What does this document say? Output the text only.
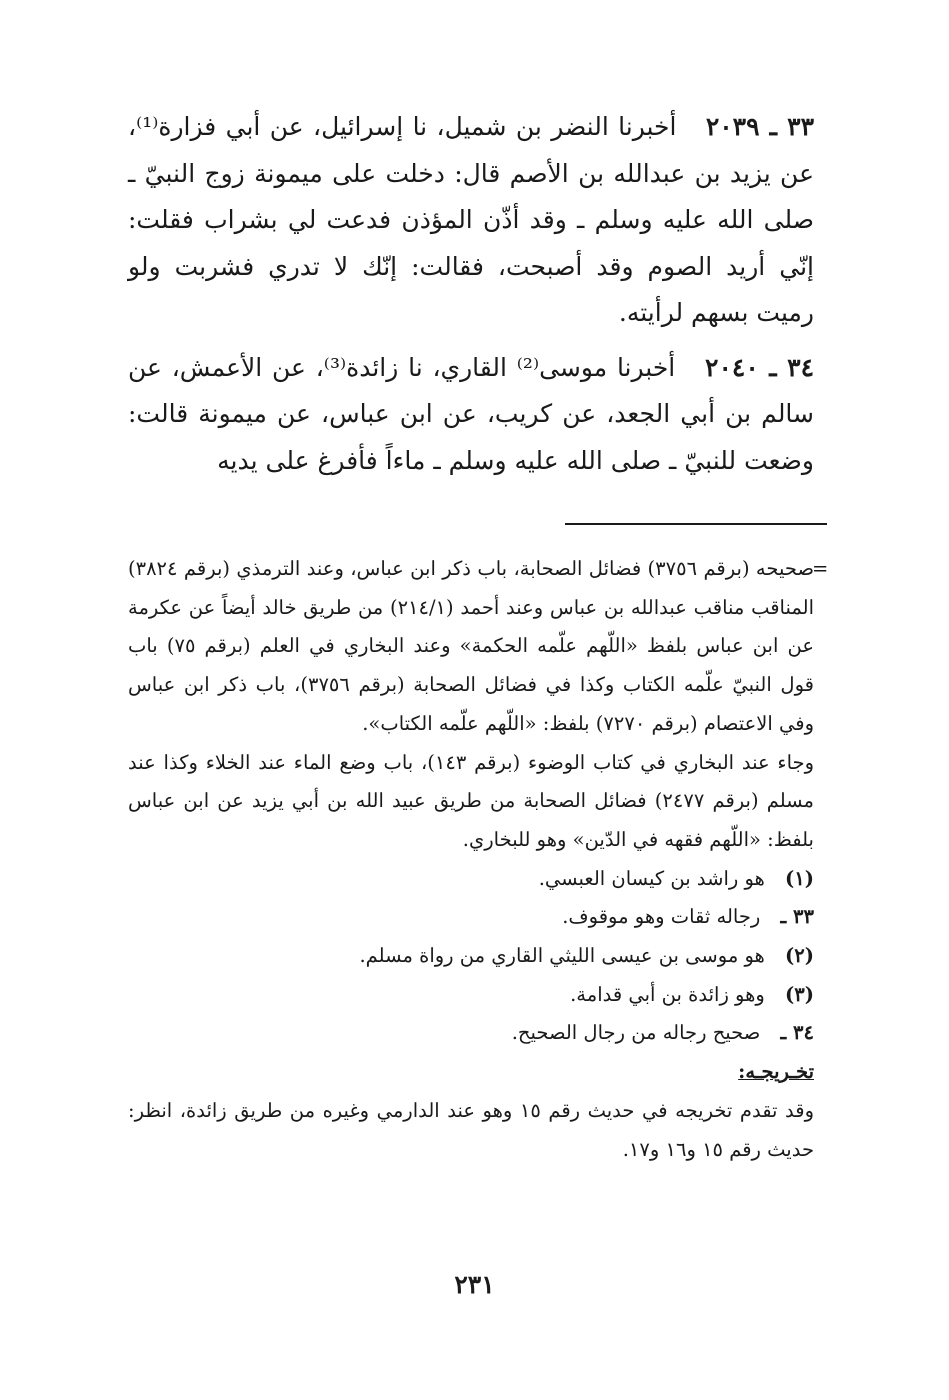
٣٣ ـ ٢٠٣٩ أخبرنا النضر بن شميل، نا إسرائيل، عن أبي فزارة⁽¹⁾، عن يزيد بن عبدالله بن الأصم قال: دخلت على ميمونة زوج النبيّ ـ صلى الله عليه وسلم ـ وقد أذّن المؤذن فدعت لي بشراب فقلت: إنّي أريد الصوم وقد أصبحت، فقالت: إنّك لا تدري فشربت ولو رميت بسهم لرأيته.

٣٤ ـ ٢٠٤٠ أخبرنا موسى⁽²⁾ القاري، نا زائدة⁽³⁾، عن الأعمش، عن سالم بن أبي الجعد، عن كريب، عن ابن عباس، عن ميمونة قالت: وضعت للنبيّ ـ صلى الله عليه وسلم ـ ماءاً فأفرغ على يديه

=

صحيحه (برقم ٣٧٥٦) فضائل الصحابة، باب ذكر ابن عباس، وعند الترمذي (برقم ٣٨٢٤) المناقب مناقب عبدالله بن عباس وعند أحمد (٢١٤/١) من طريق خالد أيضاً عن عكرمة عن ابن عباس بلفظ «اللّهم علّمه الحكمة» وعند البخاري في العلم (برقم ٧٥) باب قول النبيّ علّمه الكتاب وكذا في فضائل الصحابة (برقم ٣٧٥٦)، باب ذكر ابن عباس وفي الاعتصام (برقم ٧٢٧٠) بلفظ: «اللّهم علّمه الكتاب».

وجاء عند البخاري في كتاب الوضوء (برقم ١٤٣)، باب وضع الماء عند الخلاء وكذا عند مسلم (برقم ٢٤٧٧) فضائل الصحابة من طريق عبيد الله بن أبي يزيد عن ابن عباس بلفظ: «اللّهم فقهه في الدّين» وهو للبخاري.

(١) هو راشد بن كيسان العبسي.
٣٣ ـ رجاله ثقات وهو موقوف.
(٢) هو موسى بن عيسى الليثي القاري من رواة مسلم.
(٣) وهو زائدة بن أبي قدامة.
٣٤ ـ صحيح رجاله من رجال الصحيح.
تخـريجـه:

وقد تقدم تخريجه في حديث رقم ١٥ وهو عند الدارمي وغيره من طريق زائدة، انظر: حديث رقم ١٥ و١٦ و١٧.

٢٣١
